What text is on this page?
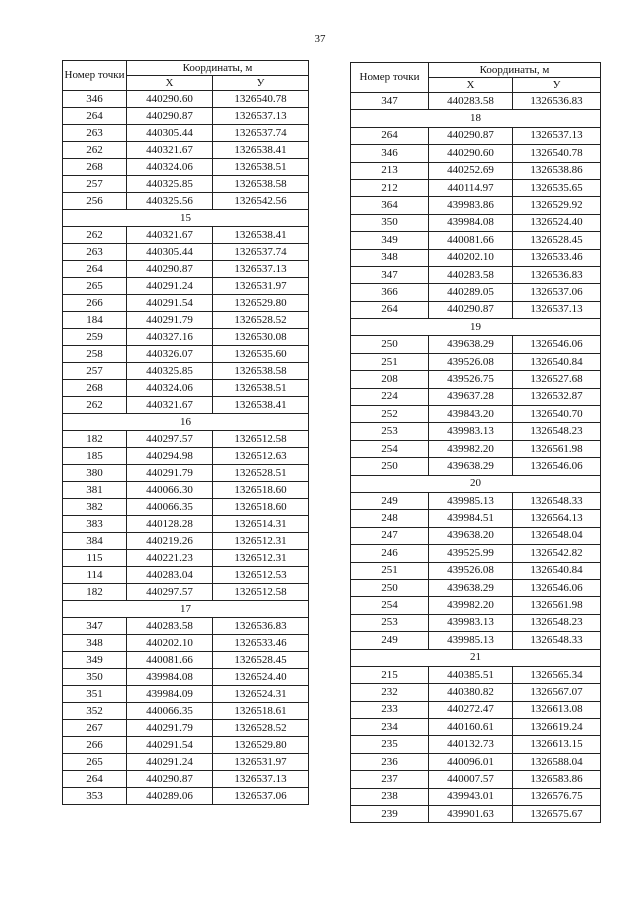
37
Номер точки	Координаты, м	
	X	У
346	440290.60	1326540.78
264	440290.87	1326537.13
263	440305.44	1326537.74
262	440321.67	1326538.41
268	440324.06	1326538.51
257	440325.85	1326538.58
256	440325.56	1326542.56
15		
262	440321.67	1326538.41
263	440305.44	1326537.74
264	440290.87	1326537.13
265	440291.24	1326531.97
266	440291.54	1326529.80
184	440291.79	1326528.52
259	440327.16	1326530.08
258	440326.07	1326535.60
257	440325.85	1326538.58
268	440324.06	1326538.51
262	440321.67	1326538.41
16		
182	440297.57	1326512.58
185	440294.98	1326512.63
380	440291.79	1326528.51
381	440066.30	1326518.60
382	440066.35	1326518.60
383	440128.28	1326514.31
384	440219.26	1326512.31
115	440221.23	1326512.31
114	440283.04	1326512.53
182	440297.57	1326512.58
17		
347	440283.58	1326536.83
348	440202.10	1326533.46
349	440081.66	1326528.45
350	439984.08	1326524.40
351	439984.09	1326524.31
352	440066.35	1326518.61
267	440291.79	1326528.52
266	440291.54	1326529.80
265	440291.24	1326531.97
264	440290.87	1326537.13
353	440289.06	1326537.06
Номер точки	Координаты, м	
	X	У
347	440283.58	1326536.83
18		
264	440290.87	1326537.13
346	440290.60	1326540.78
213	440252.69	1326538.86
212	440114.97	1326535.65
364	439983.86	1326529.92
350	439984.08	1326524.40
349	440081.66	1326528.45
348	440202.10	1326533.46
347	440283.58	1326536.83
366	440289.05	1326537.06
264	440290.87	1326537.13
19		
250	439638.29	1326546.06
251	439526.08	1326540.84
208	439526.75	1326527.68
224	439637.28	1326532.87
252	439843.20	1326540.70
253	439983.13	1326548.23
254	439982.20	1326561.98
250	439638.29	1326546.06
20		
249	439985.13	1326548.33
248	439984.51	1326564.13
247	439638.20	1326548.04
246	439525.99	1326542.82
251	439526.08	1326540.84
250	439638.29	1326546.06
254	439982.20	1326561.98
253	439983.13	1326548.23
249	439985.13	1326548.33
21		
215	440385.51	1326565.34
232	440380.82	1326567.07
233	440272.47	1326613.08
234	440160.61	1326619.24
235	440132.73	1326613.15
236	440096.01	1326588.04
237	440007.57	1326583.86
238	439943.01	1326576.75
239	439901.63	1326575.67
